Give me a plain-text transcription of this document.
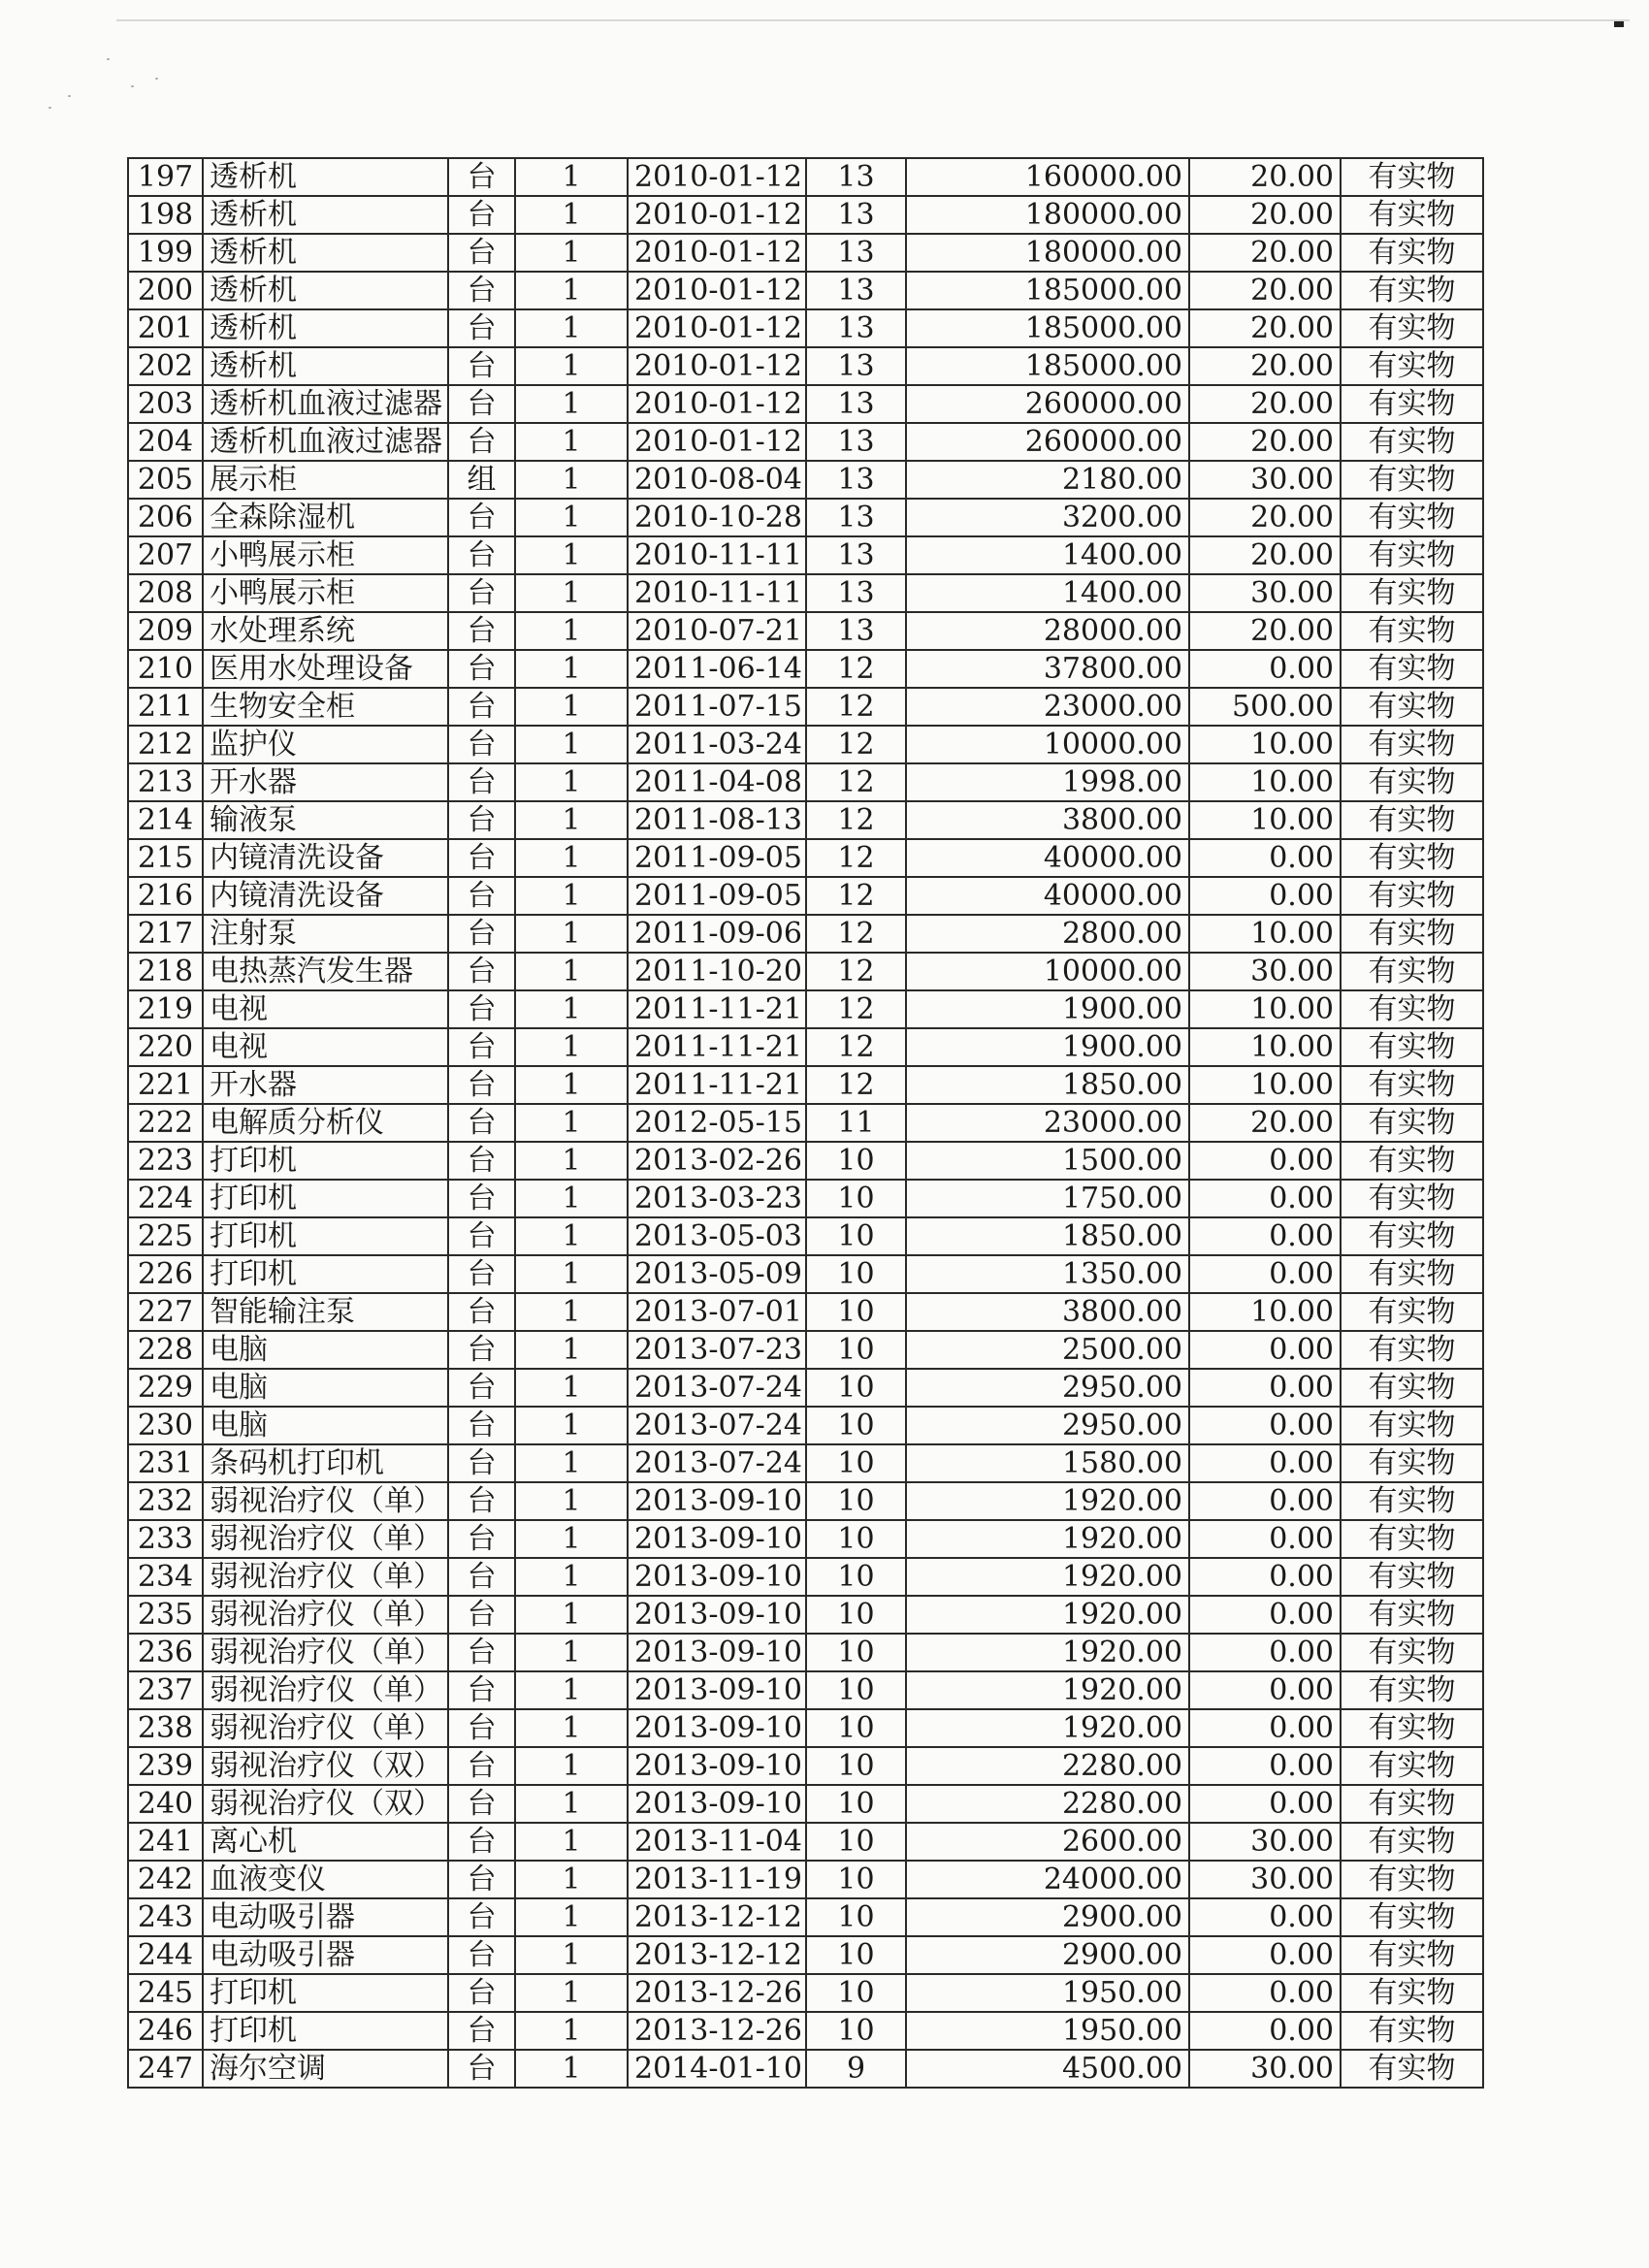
197	透析机	台	1	2010-01-12	13	160000.00	20.00	有实物
198	透析机	台	1	2010-01-12	13	180000.00	20.00	有实物
199	透析机	台	1	2010-01-12	13	180000.00	20.00	有实物
200	透析机	台	1	2010-01-12	13	185000.00	20.00	有实物
201	透析机	台	1	2010-01-12	13	185000.00	20.00	有实物
202	透析机	台	1	2010-01-12	13	185000.00	20.00	有实物
203	透析机血液过滤器	台	1	2010-01-12	13	260000.00	20.00	有实物
204	透析机血液过滤器	台	1	2010-01-12	13	260000.00	20.00	有实物
205	展示柜	组	1	2010-08-04	13	2180.00	30.00	有实物
206	全森除湿机	台	1	2010-10-28	13	3200.00	20.00	有实物
207	小鸭展示柜	台	1	2010-11-11	13	1400.00	20.00	有实物
208	小鸭展示柜	台	1	2010-11-11	13	1400.00	30.00	有实物
209	水处理系统	台	1	2010-07-21	13	28000.00	20.00	有实物
210	医用水处理设备	台	1	2011-06-14	12	37800.00	0.00	有实物
211	生物安全柜	台	1	2011-07-15	12	23000.00	500.00	有实物
212	监护仪	台	1	2011-03-24	12	10000.00	10.00	有实物
213	开水器	台	1	2011-04-08	12	1998.00	10.00	有实物
214	输液泵	台	1	2011-08-13	12	3800.00	10.00	有实物
215	内镜清洗设备	台	1	2011-09-05	12	40000.00	0.00	有实物
216	内镜清洗设备	台	1	2011-09-05	12	40000.00	0.00	有实物
217	注射泵	台	1	2011-09-06	12	2800.00	10.00	有实物
218	电热蒸汽发生器	台	1	2011-10-20	12	10000.00	30.00	有实物
219	电视	台	1	2011-11-21	12	1900.00	10.00	有实物
220	电视	台	1	2011-11-21	12	1900.00	10.00	有实物
221	开水器	台	1	2011-11-21	12	1850.00	10.00	有实物
222	电解质分析仪	台	1	2012-05-15	11	23000.00	20.00	有实物
223	打印机	台	1	2013-02-26	10	1500.00	0.00	有实物
224	打印机	台	1	2013-03-23	10	1750.00	0.00	有实物
225	打印机	台	1	2013-05-03	10	1850.00	0.00	有实物
226	打印机	台	1	2013-05-09	10	1350.00	0.00	有实物
227	智能输注泵	台	1	2013-07-01	10	3800.00	10.00	有实物
228	电脑	台	1	2013-07-23	10	2500.00	0.00	有实物
229	电脑	台	1	2013-07-24	10	2950.00	0.00	有实物
230	电脑	台	1	2013-07-24	10	2950.00	0.00	有实物
231	条码机打印机	台	1	2013-07-24	10	1580.00	0.00	有实物
232	弱视治疗仪（单）	台	1	2013-09-10	10	1920.00	0.00	有实物
233	弱视治疗仪（单）	台	1	2013-09-10	10	1920.00	0.00	有实物
234	弱视治疗仪（单）	台	1	2013-09-10	10	1920.00	0.00	有实物
235	弱视治疗仪（单）	台	1	2013-09-10	10	1920.00	0.00	有实物
236	弱视治疗仪（单）	台	1	2013-09-10	10	1920.00	0.00	有实物
237	弱视治疗仪（单）	台	1	2013-09-10	10	1920.00	0.00	有实物
238	弱视治疗仪（单）	台	1	2013-09-10	10	1920.00	0.00	有实物
239	弱视治疗仪（双）	台	1	2013-09-10	10	2280.00	0.00	有实物
240	弱视治疗仪（双）	台	1	2013-09-10	10	2280.00	0.00	有实物
241	离心机	台	1	2013-11-04	10	2600.00	30.00	有实物
242	血液变仪	台	1	2013-11-19	10	24000.00	30.00	有实物
243	电动吸引器	台	1	2013-12-12	10	2900.00	0.00	有实物
244	电动吸引器	台	1	2013-12-12	10	2900.00	0.00	有实物
245	打印机	台	1	2013-12-26	10	1950.00	0.00	有实物
246	打印机	台	1	2013-12-26	10	1950.00	0.00	有实物
247	海尔空调	台	1	2014-01-10	9	4500.00	30.00	有实物
